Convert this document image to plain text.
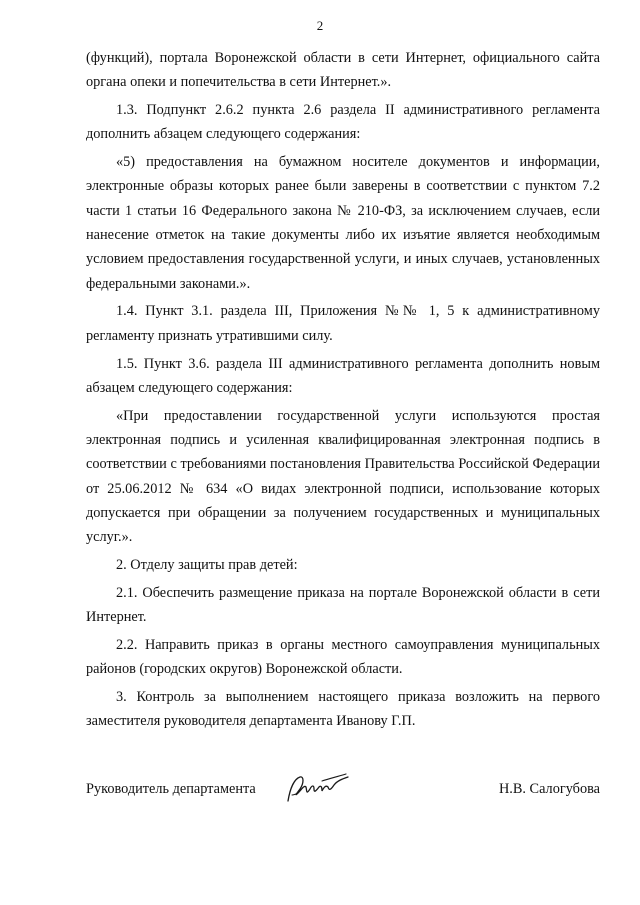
2

(функций), портала Воронежской области в сети Интернет, официального сайта органа опеки и попечительства в сети Интернет.».

1.3. Подпункт 2.6.2 пункта 2.6 раздела II административного регламента дополнить абзацем следующего содержания:

«5) предоставления на бумажном носителе документов и информации, электронные образы которых ранее были заверены в соответствии с пунктом 7.2 части 1 статьи 16 Федерального закона № 210-ФЗ, за исключением случаев, если нанесение отметок на такие документы либо их изъятие является необходимым условием предоставления государственной услуги, и иных случаев, установленных федеральными законами.».

1.4. Пункт 3.1. раздела III, Приложения №№ 1, 5 к административному регламенту признать утратившими силу.

1.5. Пункт 3.6. раздела III административного регламента дополнить новым абзацем следующего содержания:

«При предоставлении государственной услуги используются простая электронная подпись и усиленная квалифицированная электронная подпись в соответствии с требованиями постановления Правительства Российской Федерации от 25.06.2012 № 634 «О видах электронной подписи, использование которых допускается при обращении за получением государственных и муниципальных услуг.».

2. Отделу защиты прав детей:

2.1. Обеспечить размещение приказа на портале Воронежской области в сети Интернет.

2.2. Направить приказ в органы местного самоуправления муниципальных районов (городских округов) Воронежской области.

3. Контроль за выполнением настоящего приказа возложить на первого заместителя руководителя департамента Иванову Г.П.

Руководитель департамента	Н.В. Салогубова
